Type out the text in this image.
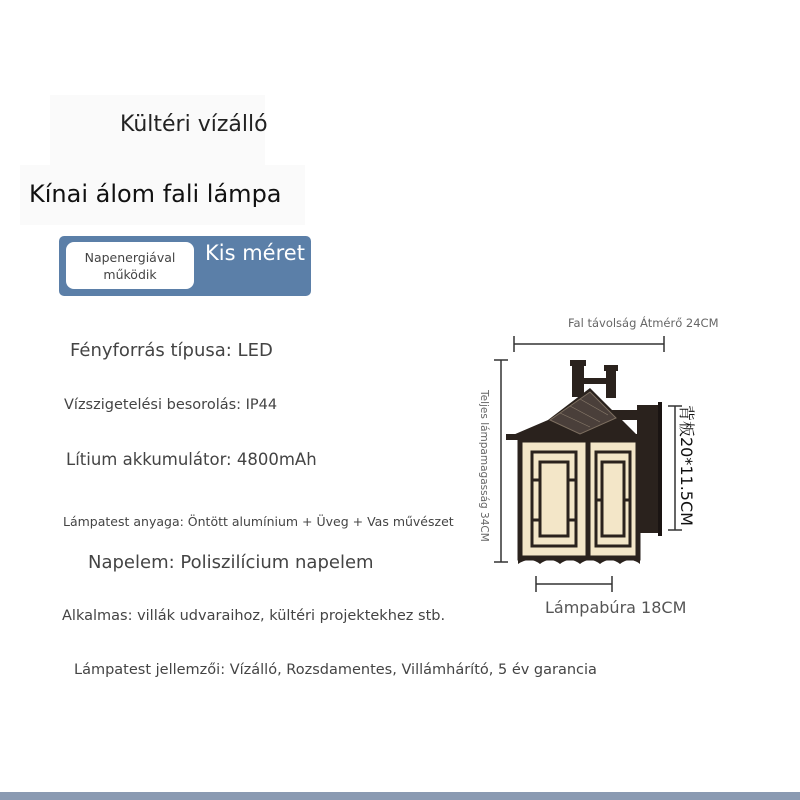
Kültéri vízálló
Kínai álom fali lámpa
Napenergiával működik
Kis méret
Fényforrás típusa: LED
Vízszigetelési besorolás: IP44
Lítium akkumulátor: 4800mAh
Lámpatest anyaga: Öntött alumínium + Üveg + Vas művészet
Napelem: Poliszilícium napelem
Alkalmas: villák udvaraihoz, kültéri projektekhez stb.
Lámpatest jellemzői: Vízálló, Rozsdamentes, Villámhárító, 5 év garancia
Fal távolság Átmérő 24CM
Teljes lámpamagasság 34CM	背板20*11.5CM
Lámpabúra 18CM
